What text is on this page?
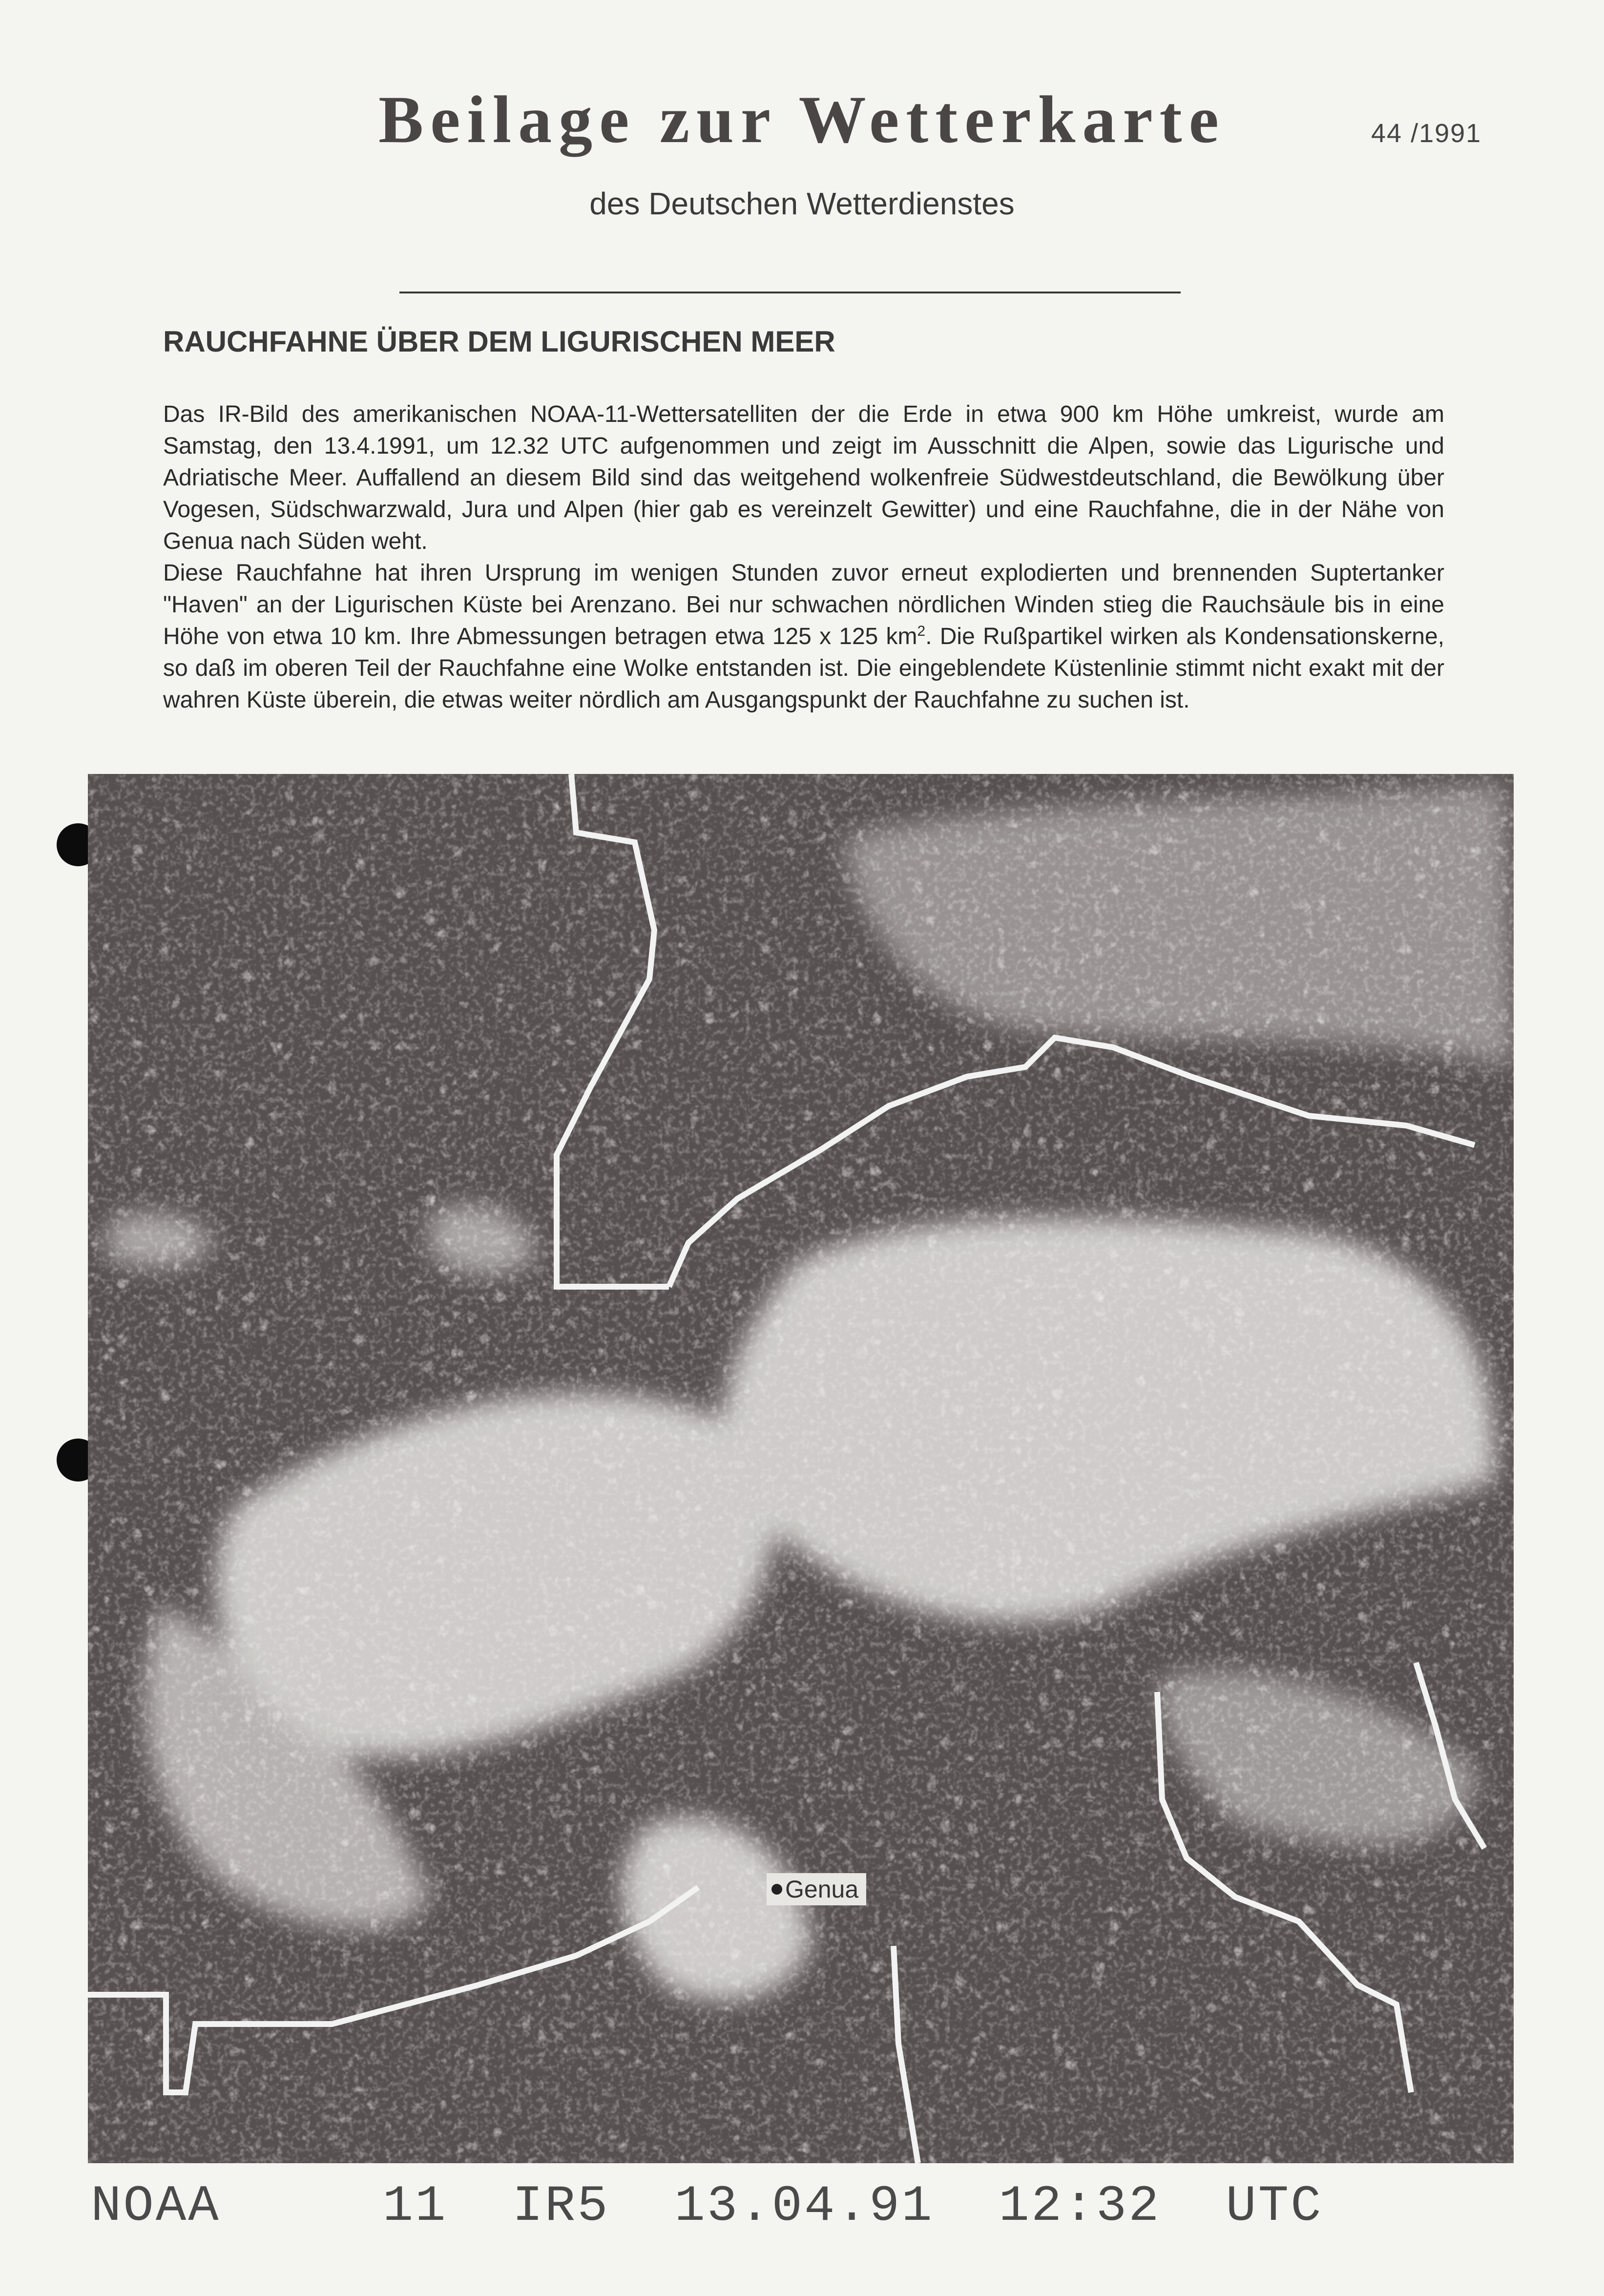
Beilage zur Wetterkarte	44 /1991
des Deutschen Wetterdienstes
RAUCHFAHNE ÜBER DEM LIGURISCHEN MEER

Das IR-Bild des amerikanischen NOAA-11-Wettersatelliten der die Erde in etwa 900 km Höhe umkreist, wurde am Samstag, den 13.4.1991, um 12.32 UTC aufgenommen und zeigt im Ausschnitt die Alpen, sowie das Ligurische und Adriatische Meer. Auffallend an diesem Bild sind das weitgehend wolkenfreie Südwestdeutschland, die Bewölkung über Vogesen, Südschwarzwald, Jura und Alpen (hier gab es vereinzelt Gewitter) und eine Rauchfahne, die in der Nähe von Genua nach Süden weht.

Diese Rauchfahne hat ihren Ursprung im wenigen Stunden zuvor erneut explodierten und brennenden Suptertanker "Haven" an der Ligurischen Küste bei Arenzano. Bei nur schwachen nördlichen Winden stieg die Rauchsäule bis in eine Höhe von etwa 10 km. Ihre Abmessungen betragen etwa 125 x 125 $km^2$. Die Rußpartikel wirken als Kondensationskerne, so daß im oberen Teil der Rauchfahne eine Wolke entstanden ist. Die eingeblendete Küstenlinie stimmt nicht exakt mit der wahren Küste überein, die etwas weiter nördlich am Ausgangspunkt der Rauchfahne zu suchen ist.

Genua
NOAA     11  IR5  13.04.91  12:32  UTC
